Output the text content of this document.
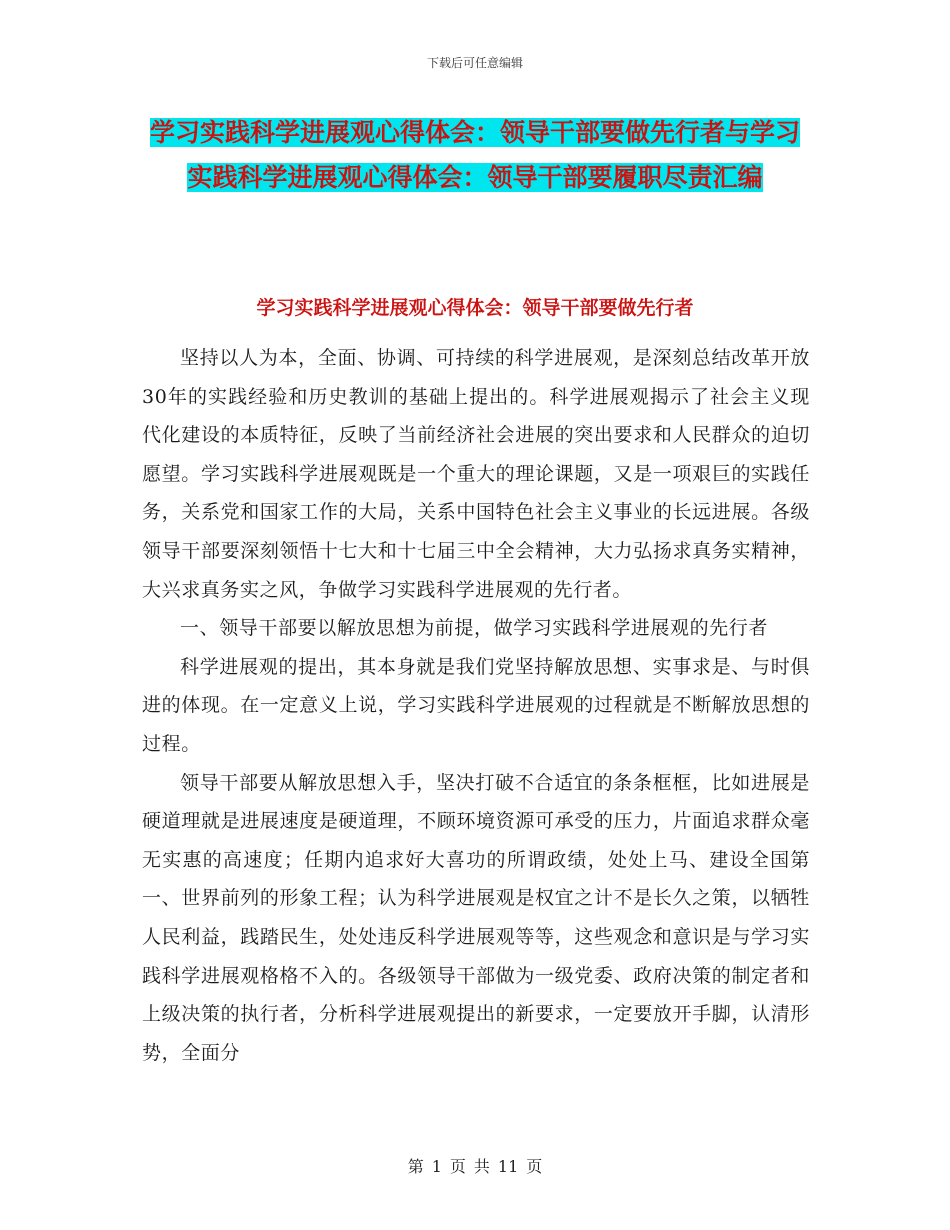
下载后可任意编辑
学习实践科学进展观心得体会：领导干部要做先行者与学习实践科学进展观心得体会：领导干部要履职尽责汇编
学习实践科学进展观心得体会：领导干部要做先行者

坚持以人为本，全面、协调、可持续的科学进展观，是深刻总结改革开放30年的实践经验和历史教训的基础上提出的。科学进展观揭示了社会主义现代化建设的本质特征，反映了当前经济社会进展的突出要求和人民群众的迫切愿望。学习实践科学进展观既是一个重大的理论课题，又是一项艰巨的实践任务，关系党和国家工作的大局，关系中国特色社会主义事业的长远进展。各级领导干部要深刻领悟十七大和十七届三中全会精神，大力弘扬求真务实精神，大兴求真务实之风，争做学习实践科学进展观的先行者。

一、领导干部要以解放思想为前提，做学习实践科学进展观的先行者

科学进展观的提出，其本身就是我们党坚持解放思想、实事求是、与时俱进的体现。在一定意义上说，学习实践科学进展观的过程就是不断解放思想的过程。

领导干部要从解放思想入手，坚决打破不合适宜的条条框框，比如进展是硬道理就是进展速度是硬道理，不顾环境资源可承受的压力，片面追求群众毫无实惠的高速度；任期内追求好大喜功的所谓政绩，处处上马、建设全国第一、世界前列的形象工程；认为科学进展观是权宜之计不是长久之策，以牺牲人民利益，践踏民生，处处违反科学进展观等等，这些观念和意识是与学习实践科学进展观格格不入的。各级领导干部做为一级党委、政府决策的制定者和上级决策的执行者，分析科学进展观提出的新要求，一定要放开手脚，认清形势，全面分

第 1 页 共 11 页
